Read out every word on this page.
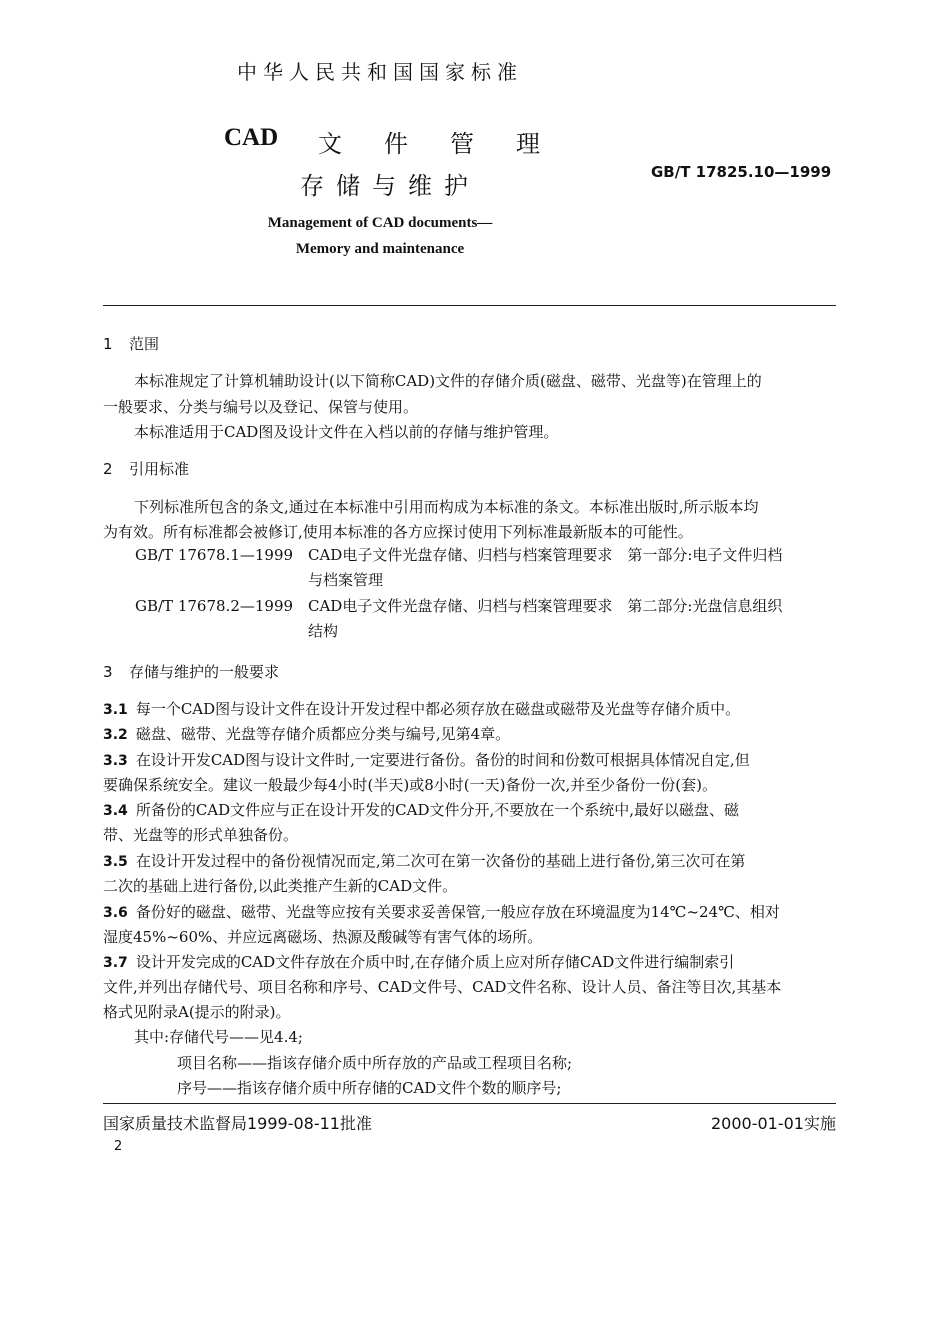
中华人民共和国国家标准
CAD 文 件 管 理
存储与维护	GB/T 17825.10—1999
Management of CAD documents—
Memory and maintenance
1 范围
本标准规定了计算机辅助设计(以下简称CAD)文件的存储介质(磁盘、磁带、光盘等)在管理上的
一般要求、分类与编号以及登记、保管与使用。
本标准适用于CAD图及设计文件在入档以前的存储与维护管理。
2 引用标准
下列标准所包含的条文,通过在本标准中引用而构成为本标准的条文。本标准出版时,所示版本均
为有效。所有标准都会被修订,使用本标准的各方应探讨使用下列标准最新版本的可能性。
GB/T 17678.1—1999 CAD电子文件光盘存储、归档与档案管理要求　第一部分:电子文件归档
与档案管理
GB/T 17678.2—1999 CAD电子文件光盘存储、归档与档案管理要求　第二部分:光盘信息组织
结构
3 存储与维护的一般要求
3.1 每一个CAD图与设计文件在设计开发过程中都必须存放在磁盘或磁带及光盘等存储介质中。
3.2 磁盘、磁带、光盘等存储介质都应分类与编号,见第4章。
3.3 在设计开发CAD图与设计文件时,一定要进行备份。备份的时间和份数可根据具体情况自定,但
要确保系统安全。建议一般最少每4小时(半天)或8小时(一天)备份一次,并至少备份一份(套)。
3.4 所备份的CAD文件应与正在设计开发的CAD文件分开,不要放在一个系统中,最好以磁盘、磁
带、光盘等的形式单独备份。
3.5 在设计开发过程中的备份视情况而定,第二次可在第一次备份的基础上进行备份,第三次可在第
二次的基础上进行备份,以此类推产生新的CAD文件。
3.6 备份好的磁盘、磁带、光盘等应按有关要求妥善保管,一般应存放在环境温度为14℃~24℃、相对
湿度45%~60%、并应远离磁场、热源及酸碱等有害气体的场所。
3.7 设计开发完成的CAD文件存放在介质中时,在存储介质上应对所存储CAD文件进行编制索引
文件,并列出存储代号、项目名称和序号、CAD文件号、CAD文件名称、设计人员、备注等目次,其基本
格式见附录A(提示的附录)。
其中:存储代号——见4.4;
项目名称——指该存储介质中所存放的产品或工程项目名称;
序号——指该存储介质中所存储的CAD文件个数的顺序号;
国家质量技术监督局1999-08-11批准	2000-01-01实施
2
